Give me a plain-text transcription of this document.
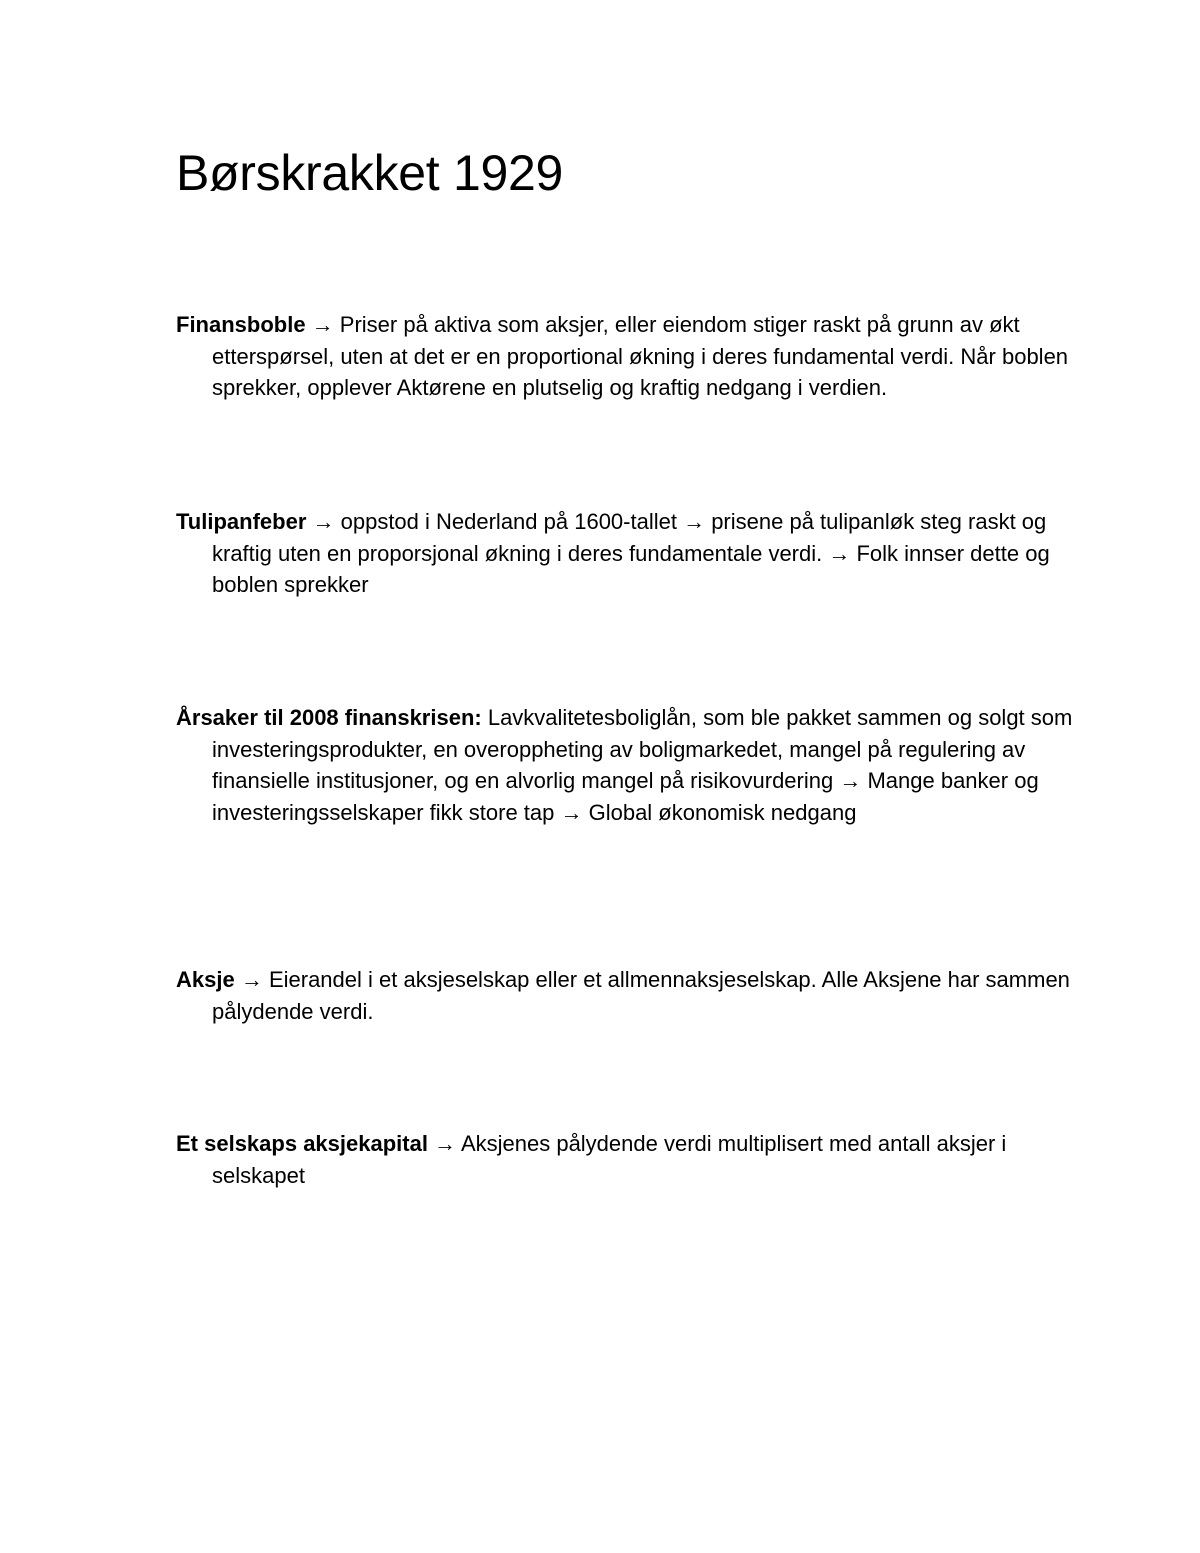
Børskrakket 1929

Finansboble → Priser på aktiva som aksjer, eller eiendom stiger raskt på grunn av økt etterspørsel, uten at det er en proportional økning i deres fundamental verdi. Når boblen sprekker, opplever Aktørene en plutselig og kraftig nedgang i verdien.

Tulipanfeber → oppstod i Nederland på 1600-tallet → prisene på tulipanløk steg raskt og kraftig uten en proporsjonal økning i deres fundamentale verdi. → Folk innser dette og boblen sprekker

Årsaker til 2008 finanskrisen: Lavkvalitetesboliglån, som ble pakket sammen og solgt som investeringsprodukter, en overoppheting av boligmarkedet, mangel på regulering av finansielle institusjoner, og en alvorlig mangel på risikovurdering → Mange banker og investeringsselskaper fikk store tap → Global økonomisk nedgang

Aksje → Eierandel i et aksjeselskap eller et allmennaksjeselskap. Alle Aksjene har sammen pålydende verdi.

Et selskaps aksjekapital → Aksjenes pålydende verdi multiplisert med antall aksjer i selskapet
